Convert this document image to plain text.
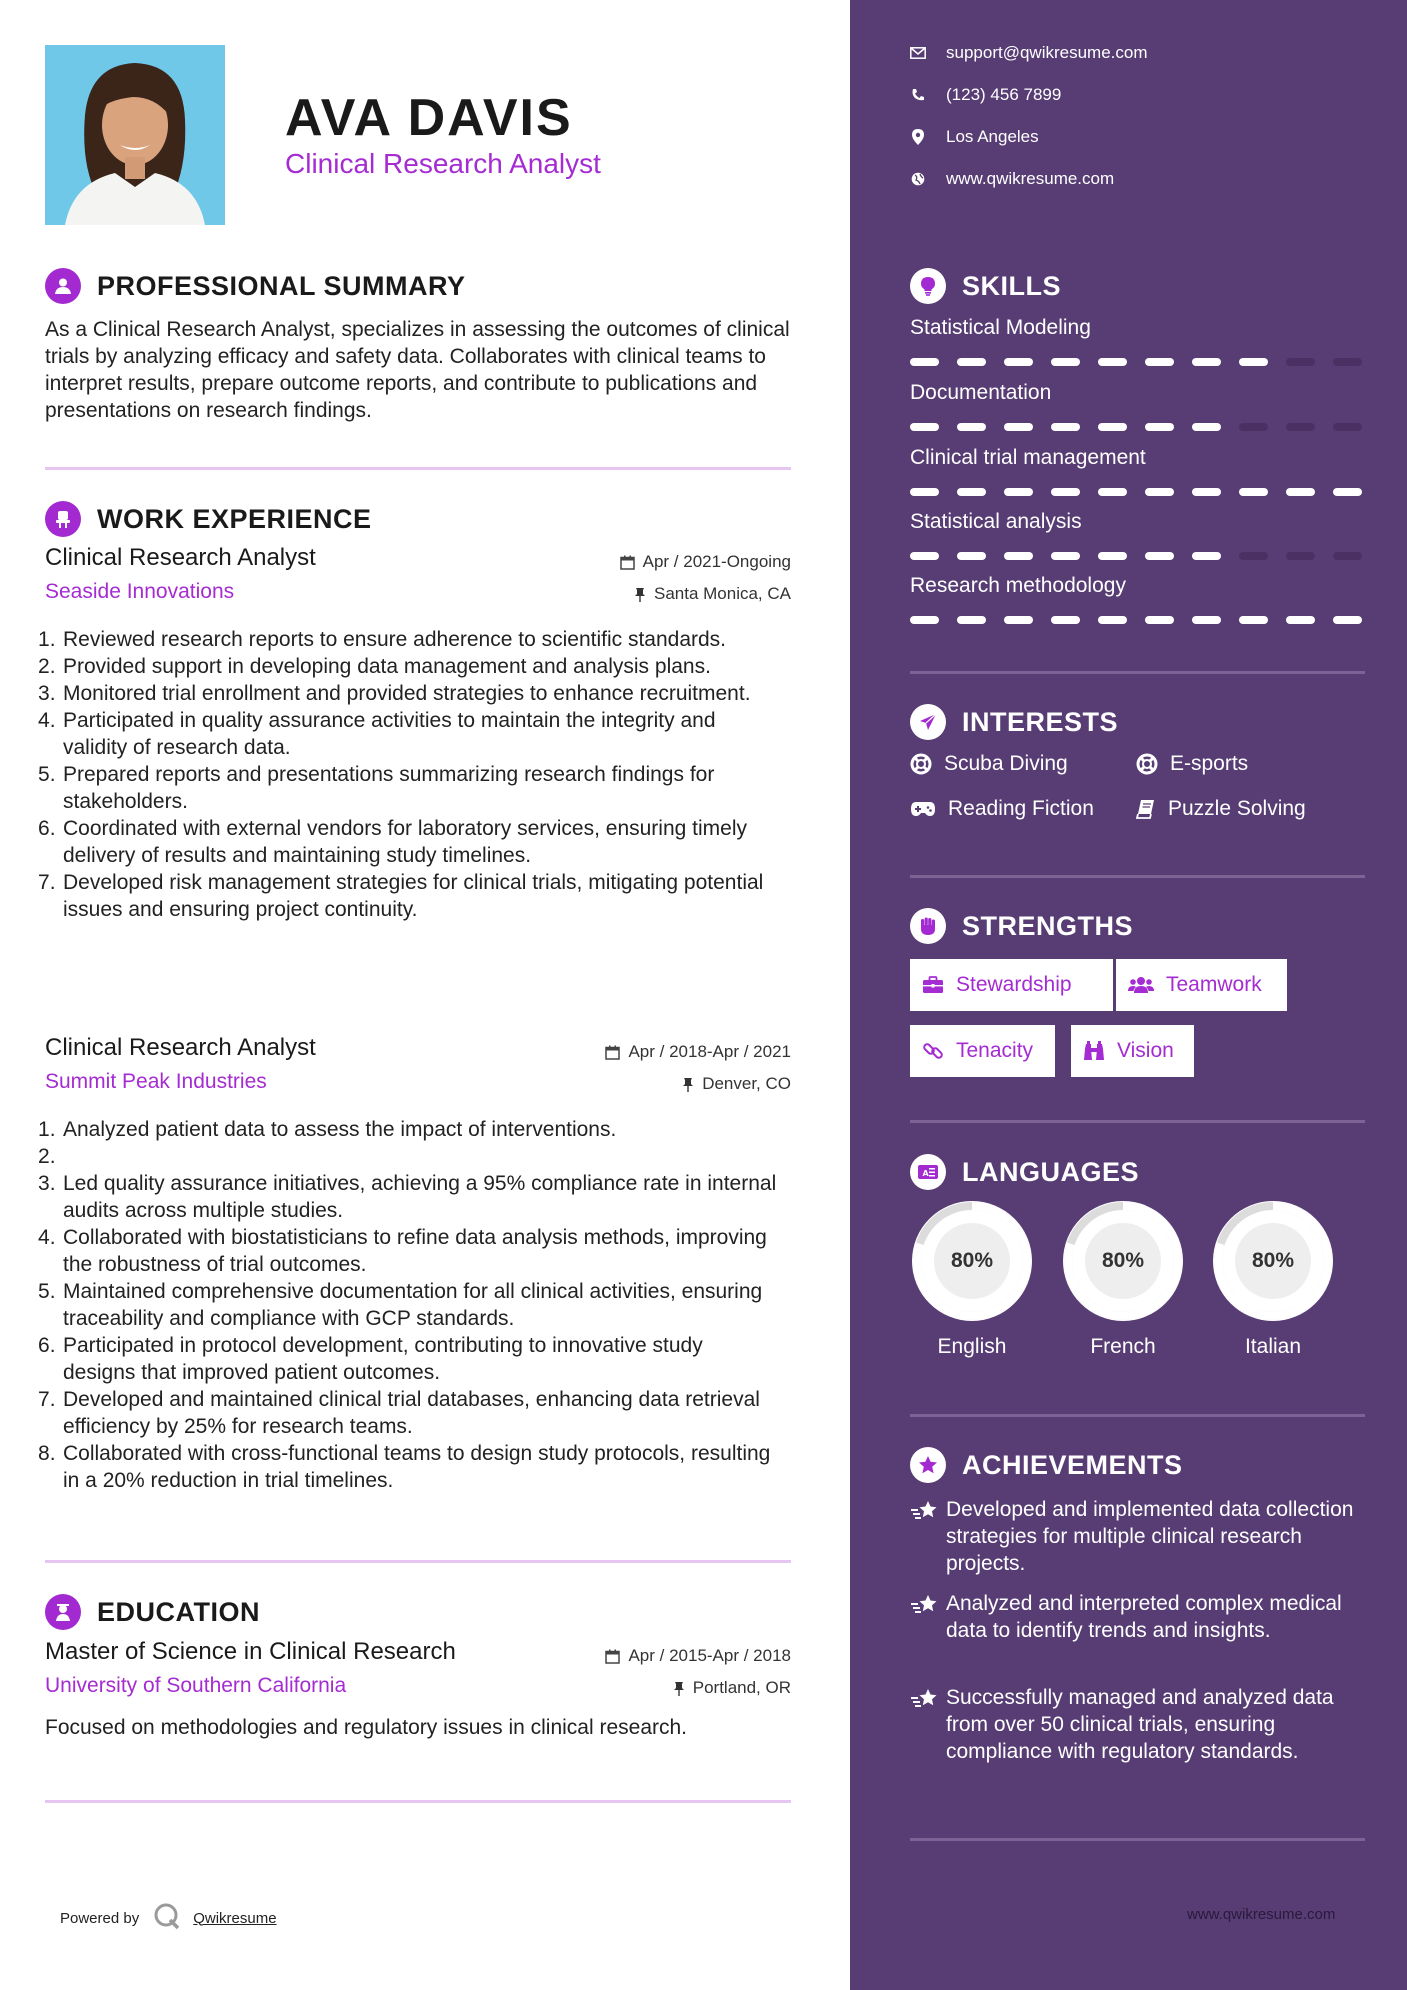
AVA DAVIS
Clinical Research Analyst
PROFESSIONAL SUMMARY
As a Clinical Research Analyst, specializes in assessing the outcomes of clinical trials by analyzing efficacy and safety data. Collaborates with clinical teams to interpret results, prepare outcome reports, and contribute to publications and presentations on research findings.
WORK EXPERIENCE
Clinical Research Analyst	Apr / 2021-Ongoing
Seaside Innovations	Santa Monica, CA
Reviewed research reports to ensure adherence to scientific standards.
Provided support in developing data management and analysis plans.
Monitored trial enrollment and provided strategies to enhance recruitment.
Participated in quality assurance activities to maintain the integrity and validity of research data.
Prepared reports and presentations summarizing research findings for stakeholders.
Coordinated with external vendors for laboratory services, ensuring timely delivery of results and maintaining study timelines.
Developed risk management strategies for clinical trials, mitigating potential issues and ensuring project continuity.
Clinical Research Analyst	Apr / 2018-Apr / 2021
Summit Peak Industries	Denver, CO
Analyzed patient data to assess the impact of interventions.
Led quality assurance initiatives, achieving a 95% compliance rate in internal audits across multiple studies.
Collaborated with biostatisticians to refine data analysis methods, improving the robustness of trial outcomes.
Maintained comprehensive documentation for all clinical activities, ensuring traceability and compliance with GCP standards.
Participated in protocol development, contributing to innovative study designs that improved patient outcomes.
Developed and maintained clinical trial databases, enhancing data retrieval efficiency by 25% for research teams.
Collaborated with cross-functional teams to design study protocols, resulting in a 20% reduction in trial timelines.
EDUCATION
Master of Science in Clinical Research	Apr / 2015-Apr / 2018
University of Southern California	Portland, OR
Focused on methodologies and regulatory issues in clinical research.
Powered by	Qwikresume
support@qwikresume.com
(123) 456 7899
Los Angeles
www.qwikresume.com
SKILLS
Statistical Modeling
Documentation
Clinical trial management
Statistical analysis
Research methodology
INTERESTS
Scuba Diving	E-sports
Reading Fiction	Puzzle Solving
STRENGTHS
Stewardship	Teamwork
Tenacity	Vision
A LANGUAGES
80%
English
80%
French
80%
Italian
ACHIEVEMENTS
Developed and implemented data collection strategies for multiple clinical research projects.
Analyzed and interpreted complex medical data to identify trends and insights.
Successfully managed and analyzed data from over 50 clinical trials, ensuring compliance with regulatory standards.
www.qwikresume.com
